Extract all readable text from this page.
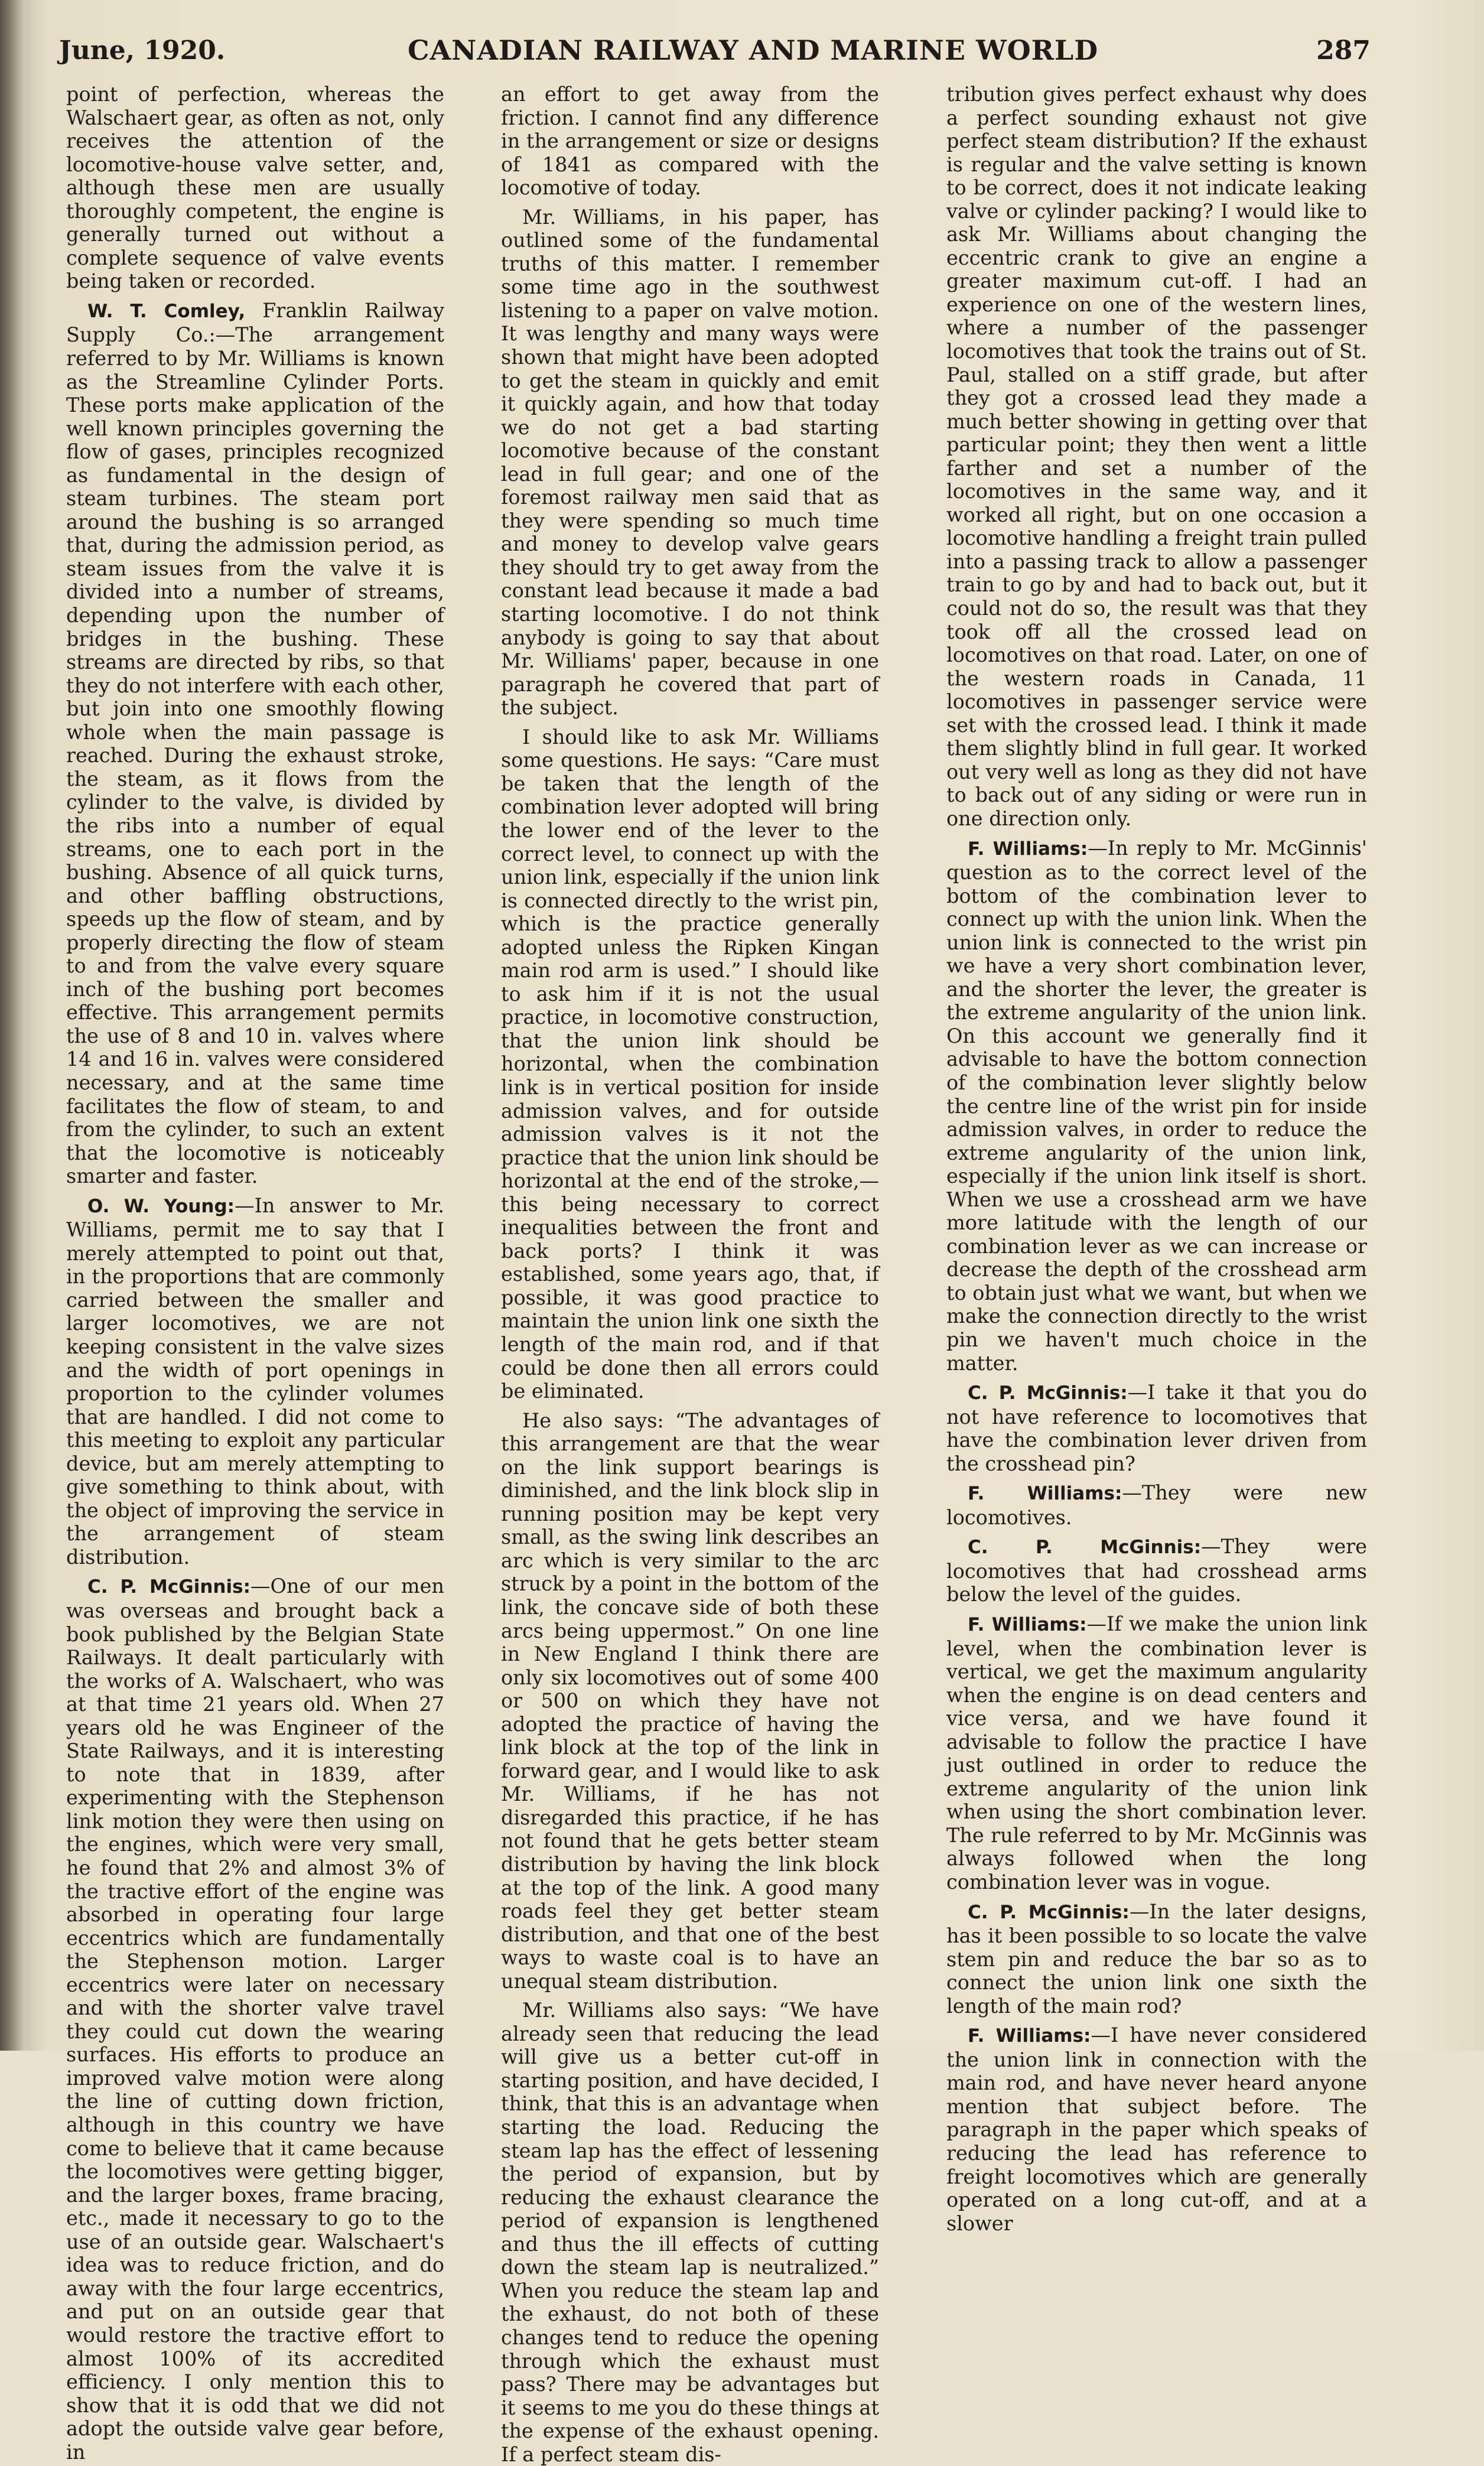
June, 1920.	CANADIAN RAILWAY AND MARINE WORLD	287

point of perfection, whereas the Walschaert gear, as often as not, only receives the attention of the locomotive-house valve setter, and, although these men are usually thoroughly competent, the engine is generally turned out without a complete sequence of valve events being taken or recorded.

W. T. Comley, Franklin Railway Supply Co.:—The arrangement referred to by Mr. Williams is known as the Streamline Cylinder Ports. These ports make application of the well known principles governing the flow of gases, principles recognized as fundamental in the design of steam turbines. The steam port around the bushing is so arranged that, during the admission period, as steam issues from the valve it is divided into a number of streams, depending upon the number of bridges in the bushing. These streams are directed by ribs, so that they do not interfere with each other, but join into one smoothly flowing whole when the main passage is reached. During the exhaust stroke, the steam, as it flows from the cylinder to the valve, is divided by the ribs into a number of equal streams, one to each port in the bushing. Absence of all quick turns, and other baffling obstructions, speeds up the flow of steam, and by properly directing the flow of steam to and from the valve every square inch of the bushing port becomes effective. This arrangement permits the use of 8 and 10 in. valves where 14 and 16 in. valves were considered necessary, and at the same time facilitates the flow of steam, to and from the cylinder, to such an extent that the locomotive is noticeably smarter and faster.

O. W. Young:—In answer to Mr. Williams, permit me to say that I merely attempted to point out that, in the proportions that are commonly carried between the smaller and larger locomotives, we are not keeping consistent in the valve sizes and the width of port openings in proportion to the cylinder volumes that are handled. I did not come to this meeting to exploit any particular device, but am merely attempting to give something to think about, with the object of improving the service in the arrangement of steam distribution.

C. P. McGinnis:—One of our men was overseas and brought back a book published by the Belgian State Railways. It dealt particularly with the works of A. Walschaert, who was at that time 21 years old. When 27 years old he was Engineer of the State Railways, and it is interesting to note that in 1839, after experimenting with the Stephenson link motion they were then using on the engines, which were very small, he found that 2% and almost 3% of the tractive effort of the engine was absorbed in operating four large eccentrics which are fundamentally the Stephenson motion. Larger eccentrics were later on necessary and with the shorter valve travel they could cut down the wearing surfaces. His efforts to produce an improved valve motion were along the line of cutting down friction, although in this country we have come to believe that it came because the locomotives were getting bigger, and the larger boxes, frame bracing, etc., made it necessary to go to the use of an outside gear. Walschaert's idea was to reduce friction, and do away with the four large eccentrics, and put on an outside gear that would restore the tractive effort to almost 100% of its accredited efficiency. I only mention this to show that it is odd that we did not adopt the outside valve gear before, in

an effort to get away from the friction. I cannot find any difference in the arrangement or size or designs of 1841 as compared with the locomotive of today.

Mr. Williams, in his paper, has outlined some of the fundamental truths of this matter. I remember some time ago in the southwest listening to a paper on valve motion. It was lengthy and many ways were shown that might have been adopted to get the steam in quickly and emit it quickly again, and how that today we do not get a bad starting locomotive because of the constant lead in full gear; and one of the foremost railway men said that as they were spending so much time and money to develop valve gears they should try to get away from the constant lead because it made a bad starting locomotive. I do not think anybody is going to say that about Mr. Williams' paper, because in one paragraph he covered that part of the subject.

I should like to ask Mr. Williams some questions. He says: “Care must be taken that the length of the combination lever adopted will bring the lower end of the lever to the correct level, to connect up with the union link, especially if the union link is connected directly to the wrist pin, which is the practice generally adopted unless the Ripken Kingan main rod arm is used.” I should like to ask him if it is not the usual practice, in locomotive construction, that the union link should be horizontal, when the combination link is in vertical position for inside admission valves, and for outside admission valves is it not the practice that the union link should be horizontal at the end of the stroke,—this being necessary to correct inequalities between the front and back ports? I think it was established, some years ago, that, if possible, it was good practice to maintain the union link one sixth the length of the main rod, and if that could be done then all errors could be eliminated.

He also says: “The advantages of this arrangement are that the wear on the link support bearings is diminished, and the link block slip in running position may be kept very small, as the swing link describes an arc which is very similar to the arc struck by a point in the bottom of the link, the concave side of both these arcs being uppermost.” On one line in New England I think there are only six locomotives out of some 400 or 500 on which they have not adopted the practice of having the link block at the top of the link in forward gear, and I would like to ask Mr. Williams, if he has not disregarded this practice, if he has not found that he gets better steam distribution by having the link block at the top of the link. A good many roads feel they get better steam distribution, and that one of the best ways to waste coal is to have an unequal steam distribution.

Mr. Williams also says: “We have already seen that reducing the lead will give us a better cut-off in starting position, and have decided, I think, that this is an advantage when starting the load. Reducing the steam lap has the effect of lessening the period of expansion, but by reducing the exhaust clearance the period of expansion is lengthened and thus the ill effects of cutting down the steam lap is neutralized.” When you reduce the steam lap and the exhaust, do not both of these changes tend to reduce the opening through which the exhaust must pass? There may be advantages but it seems to me you do these things at the expense of the exhaust opening. If a perfect steam dis-

tribution gives perfect exhaust why does a perfect sounding exhaust not give perfect steam distribution? If the exhaust is regular and the valve setting is known to be correct, does it not indicate leaking valve or cylinder packing? I would like to ask Mr. Williams about changing the eccentric crank to give an engine a greater maximum cut-off. I had an experience on one of the western lines, where a number of the passenger locomotives that took the trains out of St. Paul, stalled on a stiff grade, but after they got a crossed lead they made a much better showing in getting over that particular point; they then went a little farther and set a number of the locomotives in the same way, and it worked all right, but on one occasion a locomotive handling a freight train pulled into a passing track to allow a passenger train to go by and had to back out, but it could not do so, the result was that they took off all the crossed lead on locomotives on that road. Later, on one of the western roads in Canada, 11 locomotives in passenger service were set with the crossed lead. I think it made them slightly blind in full gear. It worked out very well as long as they did not have to back out of any siding or were run in one direction only.

F. Williams:—In reply to Mr. McGinnis' question as to the correct level of the bottom of the combination lever to connect up with the union link. When the union link is connected to the wrist pin we have a very short combination lever, and the shorter the lever, the greater is the extreme angularity of the union link. On this account we generally find it advisable to have the bottom connection of the combination lever slightly below the centre line of the wrist pin for inside admission valves, in order to reduce the extreme angularity of the union link, especially if the union link itself is short. When we use a crosshead arm we have more latitude with the length of our combination lever as we can increase or decrease the depth of the crosshead arm to obtain just what we want, but when we make the connection directly to the wrist pin we haven't much choice in the matter.

C. P. McGinnis:—I take it that you do not have reference to locomotives that have the combination lever driven from the crosshead pin?

F. Williams:—They were new locomotives.

C. P. McGinnis:—They were locomotives that had crosshead arms below the level of the guides.

F. Williams:—If we make the union link level, when the combination lever is vertical, we get the maximum angularity when the engine is on dead centers and vice versa, and we have found it advisable to follow the practice I have just outlined in order to reduce the extreme angularity of the union link when using the short combination lever. The rule referred to by Mr. McGinnis was always followed when the long combination lever was in vogue.

C. P. McGinnis:—In the later designs, has it been possible to so locate the valve stem pin and reduce the bar so as to connect the union link one sixth the length of the main rod?

F. Williams:—I have never considered the union link in connection with the main rod, and have never heard anyone mention that subject before. The paragraph in the paper which speaks of reducing the lead has reference to freight locomotives which are generally operated on a long cut-off, and at a slower
